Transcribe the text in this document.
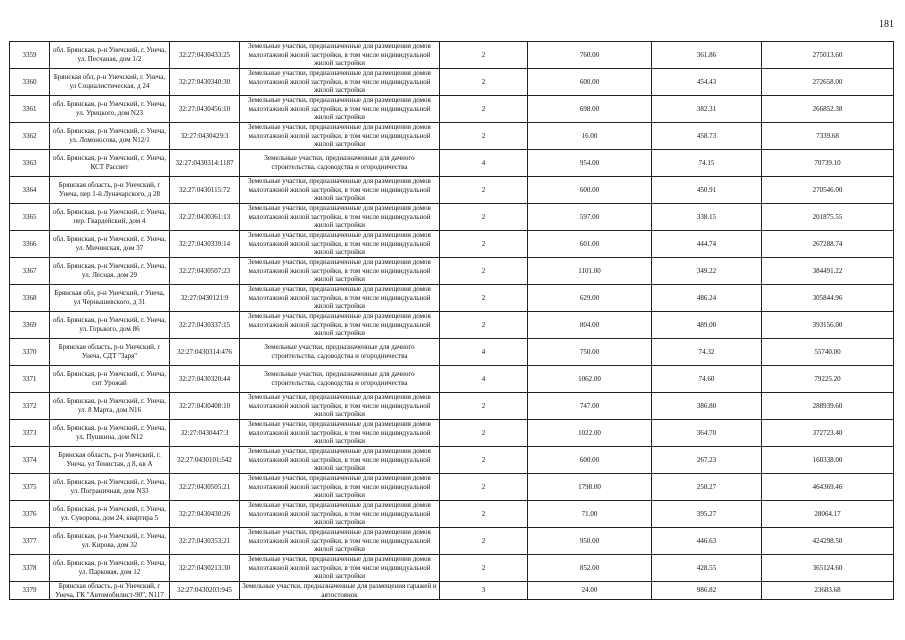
181
3359	обл. Брянская, р-н Унечский, г. Унеча, ул. Песчаная, дом 1/2	32:27:0430433:25	Земельные участки, предназначенные для размещения домов малоэтажной жилой застройки, в том числе индивидуальной жилой застройки	2	760.00	361.86	275013.60
3360	Брянская обл, р-н Унечский, г. Унеча, ул Социалистическая, д 24	32:27:0430340:30	Земельные участки, предназначенные для размещения домов малоэтажной жилой застройки, в том числе индивидуальной жилой застройки	2	600.00	454.43	272658.00
3361	обл. Брянская, р-н Унечский, г. Унеча, ул. Урицкого, дом N23	32:27:0430456:10	Земельные участки, предназначенные для размещения домов малоэтажной жилой застройки, в том числе индивидуальной жилой застройки	2	698.00	382.31	266852.38
3362	обл. Брянская, р-н Унечский, г. Унеча, ул. Ломоносова, дом N12/1	32:27:0430429:3	Земельные участки, предназначенные для размещения домов малоэтажной жилой застройки, в том числе индивидуальной жилой застройки	2	16.00	458.73	7339.68
3363	обл. Брянская, р-н Унечский, г. Унеча, КСТ Рассвет	32:27:0430314:1187	Земельные участки, предназначенные для дачного строительства, садоводства и огородничества	4	954.00	74.15	70739.10
3364	Брянская область, р-н Унечский, г Унеча, пер 1-й Луначарского, д 28	32:27:0430115:72	Земельные участки, предназначенные для размещения домов малоэтажной жилой застройки, в том числе индивидуальной жилой застройки	2	600.00	450.91	270546.00
3365	обл. Брянская, р-н Унечский, г. Унеча, пер. Гвардейский, дом 4	32:27:0430361:13	Земельные участки, предназначенные для размещения домов малоэтажной жилой застройки, в том числе индивидуальной жилой застройки	2	597.00	338.15	201875.55
3366	обл. Брянская, р-н Унечский, г. Унеча, ул. Мичинская, дом 37	32:27:0430339:14	Земельные участки, предназначенные для размещения домов малоэтажной жилой застройки, в том числе индивидуальной жилой застройки	2	601.00	444.74	267288.74
3367	обл. Брянская, р-н Унечский, г. Унеча, ул. Лесная, дом 29	32:27:0430507:23	Земельные участки, предназначенные для размещения домов малоэтажной жилой застройки, в том числе индивидуальной жилой застройки	2	1101.00	349.22	384491.22
3368	Брянская обл, р-н Унечский, г Унеча, ул Чернышевского, д 31	32:27:0430121:9	Земельные участки, предназначенные для размещения домов малоэтажной жилой застройки, в том числе индивидуальной жилой застройки	2	629.00	486.24	305844.96
3369	обл. Брянская, р-н Унечский, г. Унеча, ул. Горького, дом 86	32:27:0430337:15	Земельные участки, предназначенные для размещения домов малоэтажной жилой застройки, в том числе индивидуальной жилой застройки	2	804.00	489.00	393156.00
3370	Брянская область, р-н Унечский, г Унеча, СДТ "Заря"	32:27:0430314:476	Земельные участки, предназначенные для дачного строительства, садоводства и огородничества	4	750.00	74.32	55740.00
3371	обл. Брянская, р-н Унечский, г. Унеча, снт Урожай	32:27:0430320:44	Земельные участки, предназначенные для дачного строительства, садоводства и огородничества	4	1062.00	74.60	79225.20
3372	обл. Брянская, р-н Унечский, г. Унеча, ул. 8 Марта, дом N16	32:27:0430408:10	Земельные участки, предназначенные для размещения домов малоэтажной жилой застройки, в том числе индивидуальной жилой застройки	2	747.00	386.80	288939.60
3373	обл. Брянская, р-н Унечский, г. Унеча, ул. Пушкина, дом N12	32:27:0430447:3	Земельные участки, предназначенные для размещения домов малоэтажной жилой застройки, в том числе индивидуальной жилой застройки	2	1022.00	364.70	372723.40
3374	Брянская область, р-н Унечский, г. Унеча, ул Тенистая, д 8, кв А	32:27:0430101:542	Земельные участки, предназначенные для размещения домов малоэтажной жилой застройки, в том числе индивидуальной жилой застройки	2	600.00	267.23	160338.00
3375	обл. Брянская, р-н Унечский, г. Унеча, ул. Пограничная, дом N33	32:27:0430505:21	Земельные участки, предназначенные для размещения домов малоэтажной жилой застройки, в том числе индивидуальной жилой застройки	2	1798.00	258.27	464369.46
3376	обл. Брянская, р-н Унечский, г. Унеча, ул. Суворова, дом 24, квартира 5	32:27:0430430:26	Земельные участки, предназначенные для размещения домов малоэтажной жилой застройки, в том числе индивидуальной жилой застройки	2	71.00	395.27	28064.17
3377	обл. Брянская, р-н Унечский, г. Унеча, ул. Кирова, дом 32	32:27:0430353:21	Земельные участки, предназначенные для размещения домов малоэтажной жилой застройки, в том числе индивидуальной жилой застройки	2	950.00	446.63	424298.50
3378	обл. Брянская, р-н Унечский, г. Унеча, ул. Парковая, дом 12	32:27:0430213:30	Земельные участки, предназначенные для размещения домов малоэтажной жилой застройки, в том числе индивидуальной жилой застройки	2	852.00	428.55	365124.60
3379	Брянская область, р-н Унечский, г Унеча, ГК "Автомобилист-90", N117	32:27:0430203:945	Земельные участки, предназначенные для размещения гаражей и автостоянок	3	24.00	986.82	23683.68
